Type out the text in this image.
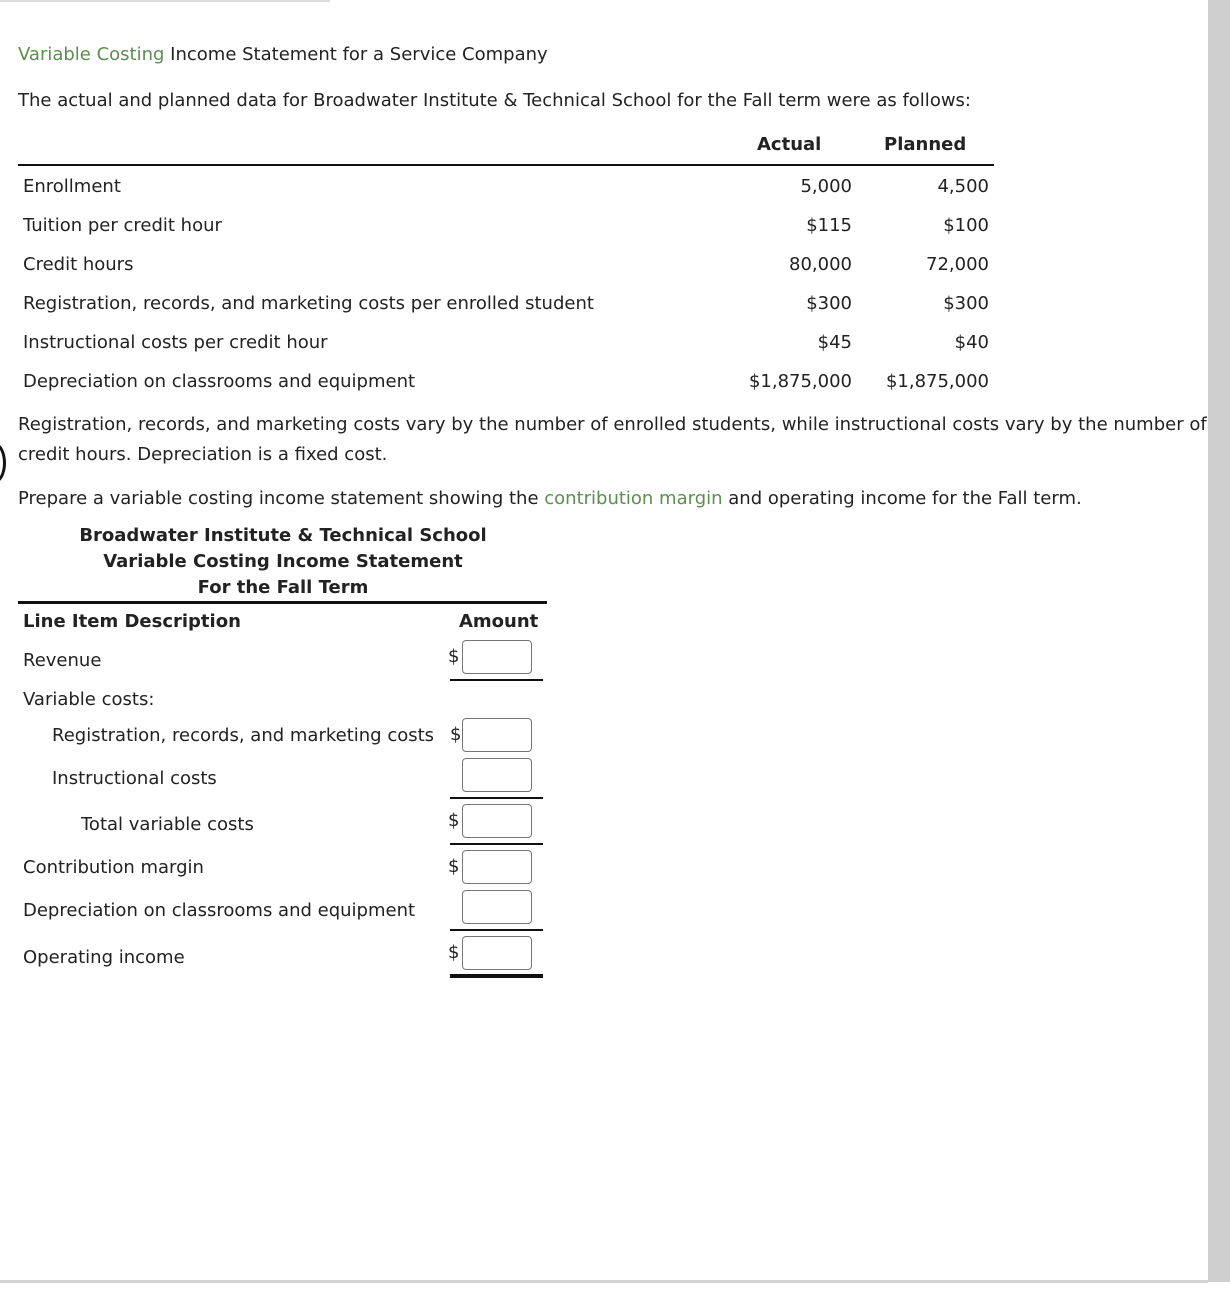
Variable Costing Income Statement for a Service Company
The actual and planned data for Broadwater Institute & Technical School for the Fall term were as follows:
Actual	Planned
Enrollment	5,000	4,500
Tuition per credit hour	$115	$100
Credit hours	80,000	72,000
Registration, records, and marketing costs per enrolled student	$300	$300
Instructional costs per credit hour	$45	$40
Depreciation on classrooms and equipment	$1,875,000	$1,875,000
Registration, records, and marketing costs vary by the number of enrolled students, while instructional costs vary by the number of credit hours. Depreciation is a fixed cost.
Prepare a variable costing income statement showing the contribution margin and operating income for the Fall term.
Broadwater Institute & Technical School
Variable Costing Income Statement
For the Fall Term
Line Item Description	Amount
Revenue	$
Variable costs:
Registration, records, and marketing costs $
Instructional costs
Total variable costs	$
Contribution margin	$
Depreciation on classrooms and equipment
Operating income	$
